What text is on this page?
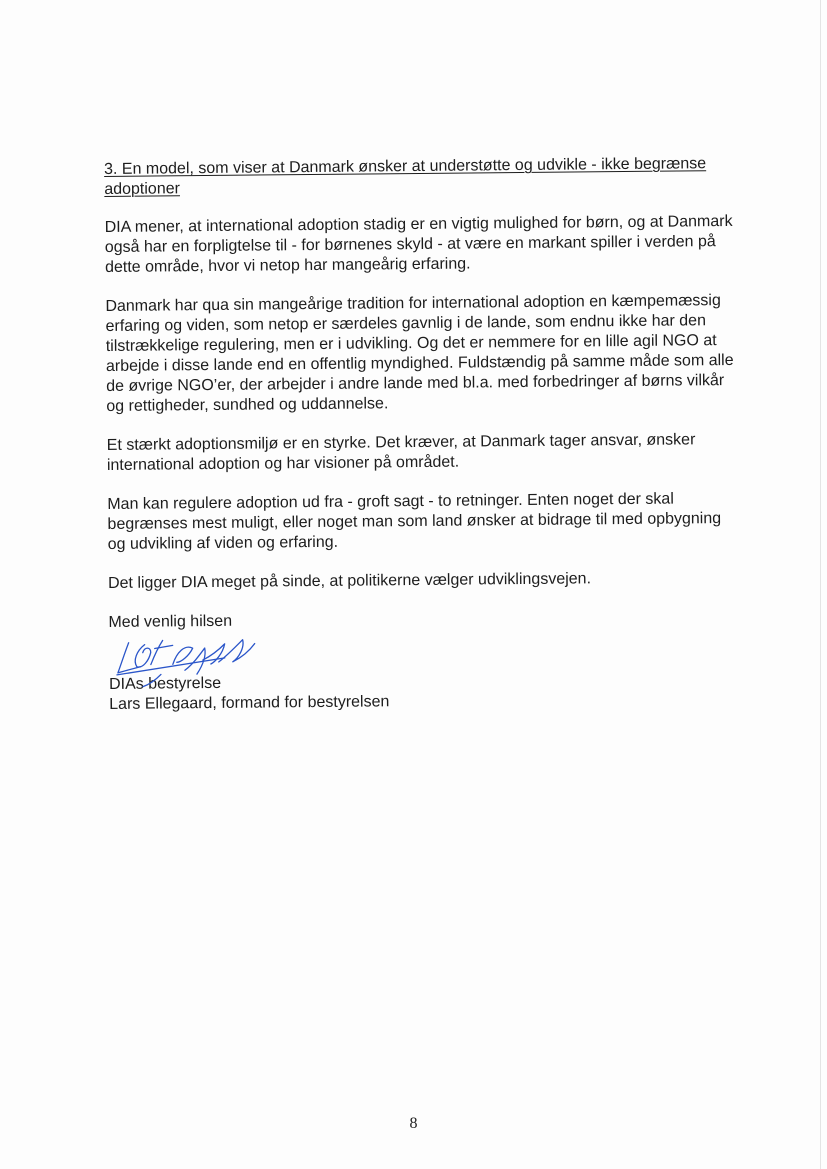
3. En model, som viser at Danmark ønsker at understøtte og udvikle - ikke begrænse adoptioner

DIA mener, at international adoption stadig er en vigtig mulighed for børn, og at Danmark også har en forpligtelse til - for børnenes skyld - at være en markant spiller i verden på dette område, hvor vi netop har mangeårig erfaring.

Danmark har qua sin mangeårige tradition for international adoption en kæmpemæssig erfaring og viden, som netop er særdeles gavnlig i de lande, som endnu ikke har den tilstrækkelige regulering, men er i udvikling. Og det er nemmere for en lille agil NGO at arbejde i disse lande end en offentlig myndighed. Fuldstændig på samme måde som alle de øvrige NGO’er, der arbejder i andre lande med bl.a. med forbedringer af børns vilkår og rettigheder, sundhed og uddannelse.

Et stærkt adoptionsmiljø er en styrke. Det kræver, at Danmark tager ansvar, ønsker international adoption og har visioner på området.

Man kan regulere adoption ud fra - groft sagt - to retninger. Enten noget der skal begrænses mest muligt, eller noget man som land ønsker at bidrage til med opbygning og udvikling af viden og erfaring.

Det ligger DIA meget på sinde, at politikerne vælger udviklingsvejen.

Med venlig hilsen

DIAs bestyrelse

Lars Ellegaard, formand for bestyrelsen

8
